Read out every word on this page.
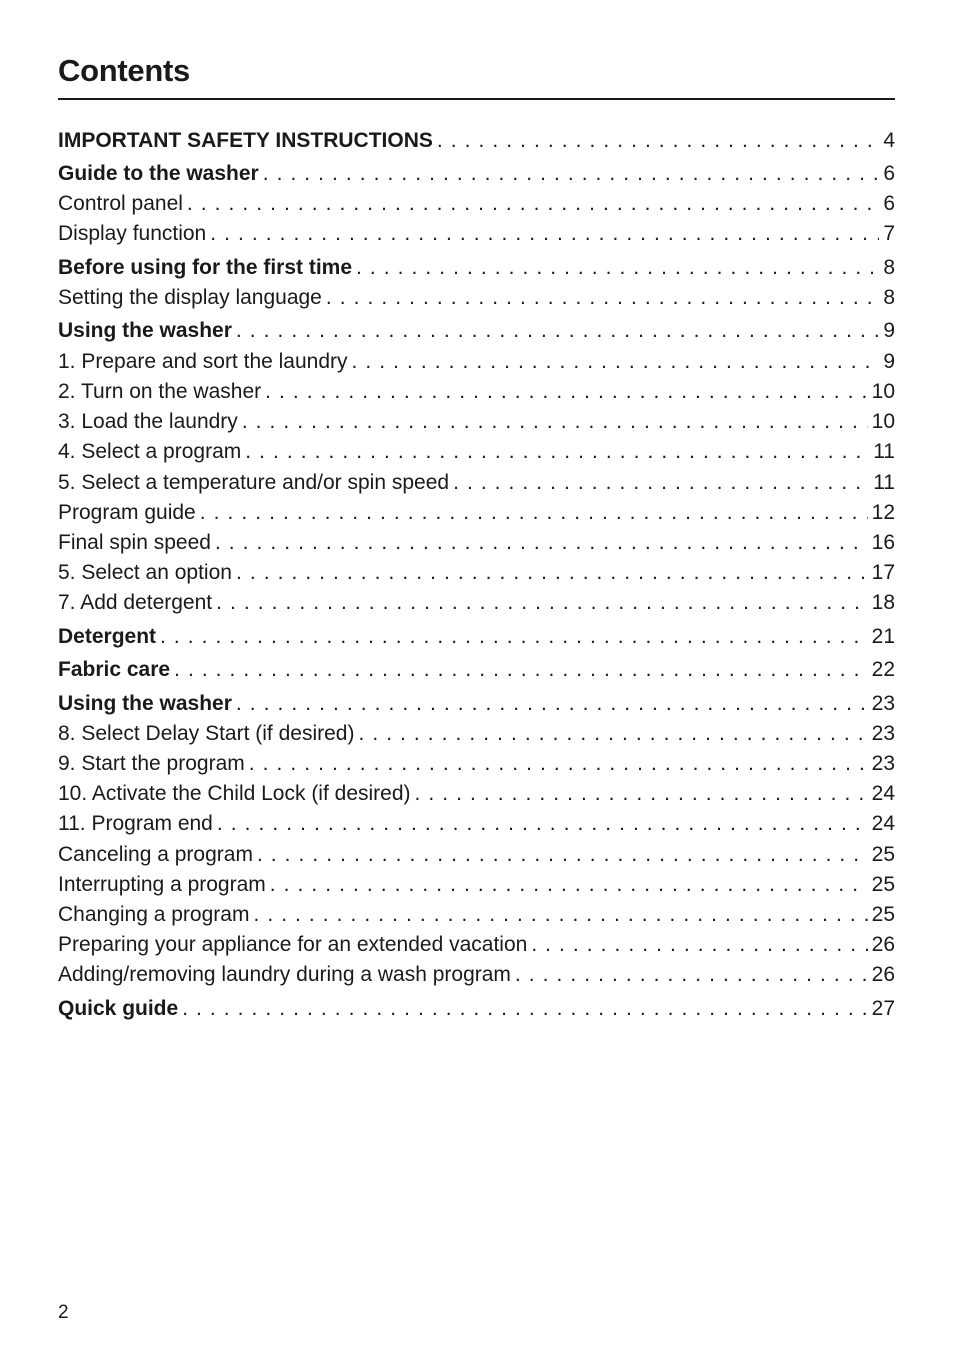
Contents
IMPORTANT SAFETY INSTRUCTIONS . . .	4
Guide to the washer . . .	6
Control panel . . .	6
Display function . . .	7
Before using for the first time . . .	8
Setting the display language . . .	8
Using the washer . . .	9
1. Prepare and sort the laundry . . .	9
2. Turn on the washer . . .	10
3. Load the laundry . . .	10
4. Select a program . . .	11
5. Select a temperature and/or spin speed . . .	11
Program guide . . .	12
Final spin speed . . .	16
5. Select an option . . .	17
7. Add detergent . . .	18
Detergent . . .	21
Fabric care . . .	22
Using the washer . . .	23
8. Select Delay Start (if desired) . . .	23
9. Start the program . . .	23
10. Activate the Child Lock (if desired) . . .	24
11. Program end . . .	24
Canceling a program . . .	25
Interrupting a program . . .	25
Changing a program . . .	25
Preparing your appliance for an extended vacation . . .	26
Adding/removing laundry during a wash program . . .	26
Quick guide . . .	27
2
